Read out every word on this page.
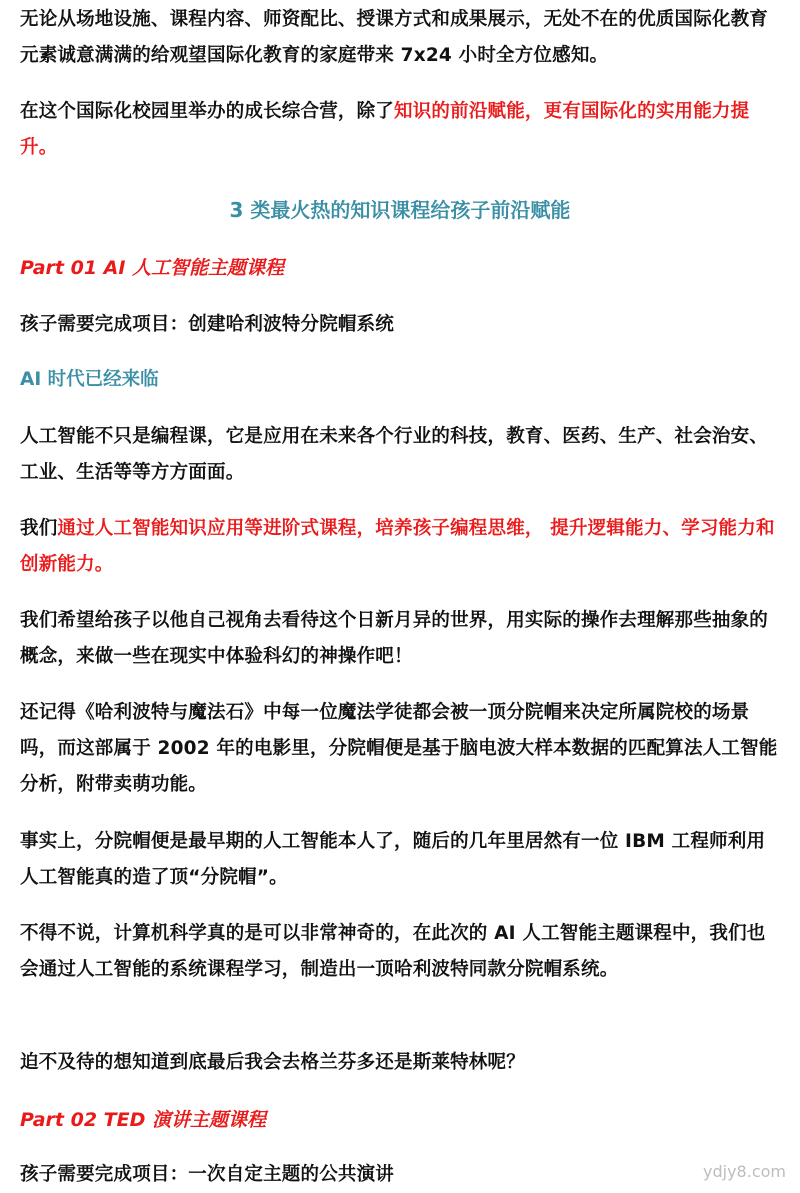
无论从场地设施、课程内容、师资配比、授课方式和成果展示，无处不在的优质国际化教育元素诚意满满的给观望国际化教育的家庭带来 7x24 小时全方位感知。
在这个国际化校园里举办的成长综合营，除了知识的前沿赋能，更有国际化的实用能力提升。
3 类最火热的知识课程给孩子前沿赋能
Part 01 AI 人工智能主题课程
孩子需要完成项目：创建哈利波特分院帽系统
AI 时代已经来临
人工智能不只是编程课，它是应用在未来各个行业的科技，教育、医药、生产、社会治安、工业、生活等等方方面面。
我们通过人工智能知识应用等进阶式课程，培养孩子编程思维， 提升逻辑能力、学习能力和创新能力。
我们希望给孩子以他自己视角去看待这个日新月异的世界，用实际的操作去理解那些抽象的概念，来做一些在现实中体验科幻的神操作吧！
还记得《哈利波特与魔法石》中每一位魔法学徒都会被一顶分院帽来决定所属院校的场景吗，而这部属于 2002 年的电影里，分院帽便是基于脑电波大样本数据的匹配算法人工智能分析，附带卖萌功能。
事实上，分院帽便是最早期的人工智能本人了，随后的几年里居然有一位 IBM 工程师利用人工智能真的造了顶“分院帽”。
不得不说，计算机科学真的是可以非常神奇的，在此次的 AI 人工智能主题课程中，我们也会通过人工智能的系统课程学习，制造出一顶哈利波特同款分院帽系统。
迫不及待的想知道到底最后我会去格兰芬多还是斯莱特林呢？
Part 02 TED 演讲主题课程
孩子需要完成项目：一次自定主题的公共演讲	ydjy8.com
